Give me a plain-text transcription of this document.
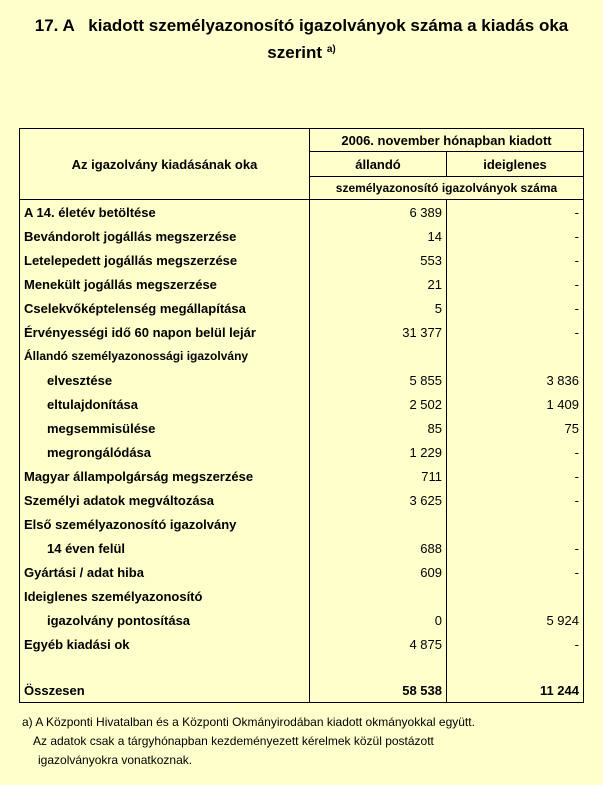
17. A   kiadott személyazonosító igazolványok száma a kiadás oka
szerint $^{a)}$
Az igazolvány kiadásának oka	2006. november hónapban kiadott	
	állandó	ideiglenes
	személyazonosító igazolványok száma	
A 14. életév betöltése	6 389	-
Bevándorolt jogállás megszerzése	14	-
Letelepedett jogállás megszerzése	553	-
Menekült jogállás megszerzése	21	-
Cselekvőképtelenség megállapítása	5	-
Érvényességi idő 60 napon belül lejár	31 377	-
Állandó személyazonossági igazolvány		
elvesztése	5 855	3 836
eltulajdonítása	2 502	1 409
megsemmisülése	85	75
megrongálódása	1 229	-
Magyar állampolgárság megszerzése	711	-
Személyi adatok megváltozása	3 625	-
Első személyazonosító igazolvány		
14 éven felül	688	-
Gyártási / adat hiba	609	-
Ideiglenes személyazonosító		
igazolvány pontosítása	0	5 924
Egyéb kiadási ok	4 875	-

Összesen	58 538	11 244
a) A Központi Hivatalban és a Központi Okmányirodában kiadott okmányokkal együtt.
Az adatok csak a tárgyhónapban kezdeményezett kérelmek közül postázott
igazolványokra vonatkoznak.
